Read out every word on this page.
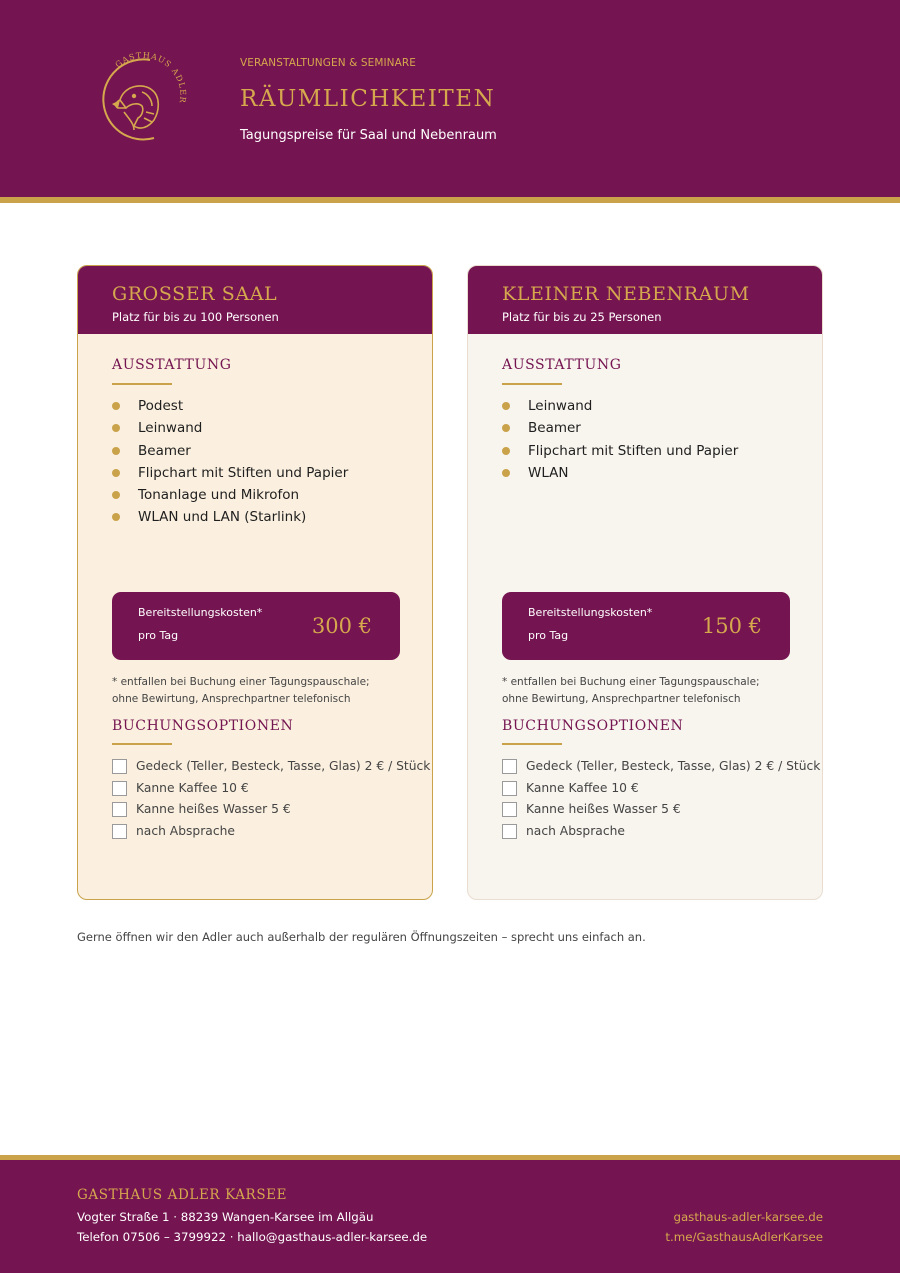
GASTHAUS ADLER
VERANSTALTUNGEN & SEMINARE
RÄUMLICHKEITEN
Tagungspreise für Saal und Nebenraum
GROSSER SAAL
Platz für bis zu 100 Personen
AUSSTATTUNG
Podest
Leinwand
Beamer
Flipchart mit Stiften und Papier
Tonanlage und Mikrofon
WLAN und LAN (Starlink)
Bereitstellungskosten*
pro Tag	300 €
* entfallen bei Buchung einer Tagungspauschale;
ohne Bewirtung, Ansprechpartner telefonisch
BUCHUNGSOPTIONEN
Gedeck (Teller, Besteck, Tasse, Glas) 2 € / Stück
Kanne Kaffee 10 €
Kanne heißes Wasser 5 €
nach Absprache
KLEINER NEBENRAUM
Platz für bis zu 25 Personen
AUSSTATTUNG
Leinwand
Beamer
Flipchart mit Stiften und Papier
WLAN
Bereitstellungskosten*
pro Tag	150 €
* entfallen bei Buchung einer Tagungspauschale;
ohne Bewirtung, Ansprechpartner telefonisch
BUCHUNGSOPTIONEN
Gedeck (Teller, Besteck, Tasse, Glas) 2 € / Stück
Kanne Kaffee 10 €
Kanne heißes Wasser 5 €
nach Absprache
Gerne öffnen wir den Adler auch außerhalb der regulären Öffnungszeiten – sprecht uns einfach an.
GASTHAUS ADLER KARSEE
Vogter Straße 1 · 88239 Wangen-Karsee im Allgäu
Telefon 07506 – 3799922 · hallo@gasthaus-adler-karsee.de
gasthaus-adler-karsee.de
t.me/GasthausAdlerKarsee
